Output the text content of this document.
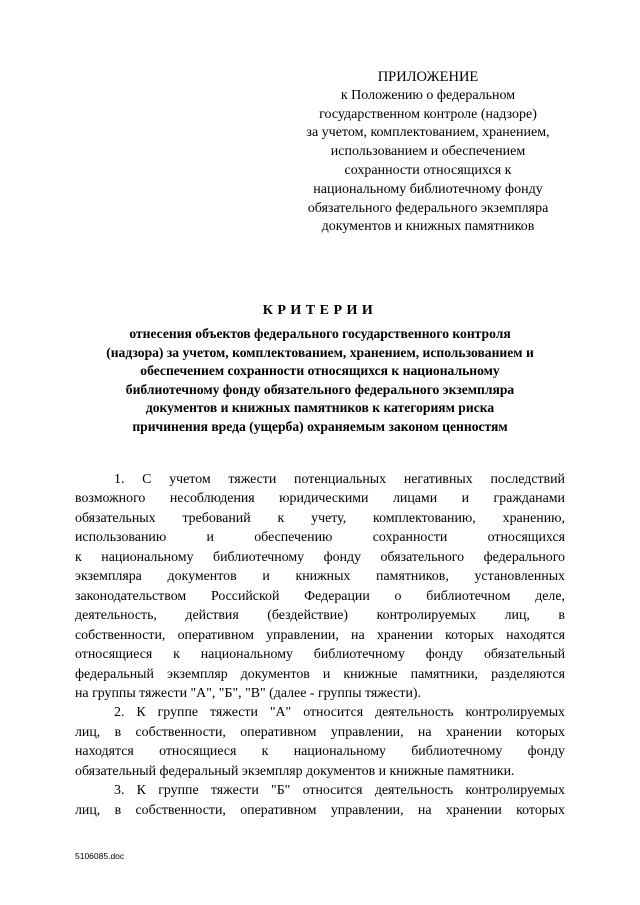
ПРИЛОЖЕНИЕ
к Положению о федеральном
государственном контроле (надзоре)
за учетом, комплектованием, хранением,
использованием и обеспечением
сохранности относящихся к
национальному библиотечному фонду
обязательного федерального экземпляра
документов и книжных памятников
КРИТЕРИИ
отнесения объектов федерального государственного контроля
(надзора) за учетом, комплектованием, хранением, использованием и
обеспечением сохранности относящихся к национальному
библиотечному фонду обязательного федерального экземпляра
документов и книжных памятников к категориям риска
причинения вреда (ущерба) охраняемым законом ценностям
1. С учетом тяжести потенциальных негативных последствий
возможного несоблюдения юридическими лицами и гражданами
обязательных требований к учету, комплектованию, хранению,
использованию и обеспечению сохранности относящихся
к национальному библиотечному фонду обязательного федерального
экземпляра документов и книжных памятников, установленных
законодательством Российской Федерации о библиотечном деле,
деятельность, действия (бездействие) контролируемых лиц, в
собственности, оперативном управлении, на хранении которых находятся
относящиеся к национальному библиотечному фонду обязательный
федеральный экземпляр документов и книжные памятники, разделяются
на группы тяжести "А", "Б", "В" (далее - группы тяжести).
2. К группе тяжести "А" относится деятельность контролируемых
лиц, в собственности, оперативном управлении, на хранении которых
находятся относящиеся к национальному библиотечному фонду
обязательный федеральный экземпляр документов и книжные памятники.
3. К группе тяжести "Б" относится деятельность контролируемых
лиц, в собственности, оперативном управлении, на хранении которых
5106085.doc
